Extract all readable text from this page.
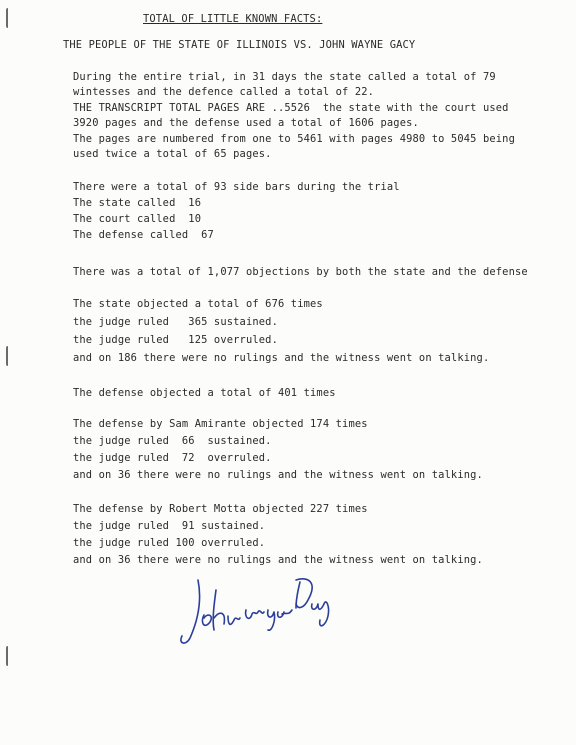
TOTAL OF LITTLE KNOWN FACTS:

THE PEOPLE OF THE STATE OF ILLINOIS VS. JOHN WAYNE GACY

During the entire trial, in 31 days the state called a total of 79

wintesses and the defence called a total of 22.

THE TRANSCRIPT TOTAL PAGES ARE ..5526  the state with the court used

3920 pages and the defense used a total of 1606 pages.

The pages are numbered from one to 5461 with pages 4980 to 5045 being

used twice a total of 65 pages.

There were a total of 93 side bars during the trial

The state called  16

The court called  10

The defense called  67

There was a total of 1,077 objections by both the state and the defense

The state objected a total of 676 times

the judge ruled   365 sustained.

the judge ruled   125 overruled.

and on 186 there were no rulings and the witness went on talking.

The defense objected a total of 401 times

The defense by Sam Amirante objected 174 times

the judge ruled  66  sustained.

the judge ruled  72  overruled.

and on 36 there were no rulings and the witness went on talking.

The defense by Robert Motta objected 227 times

the judge ruled  91 sustained.

the judge ruled 100 overruled.

and on 36 there were no rulings and the witness went on talking.
